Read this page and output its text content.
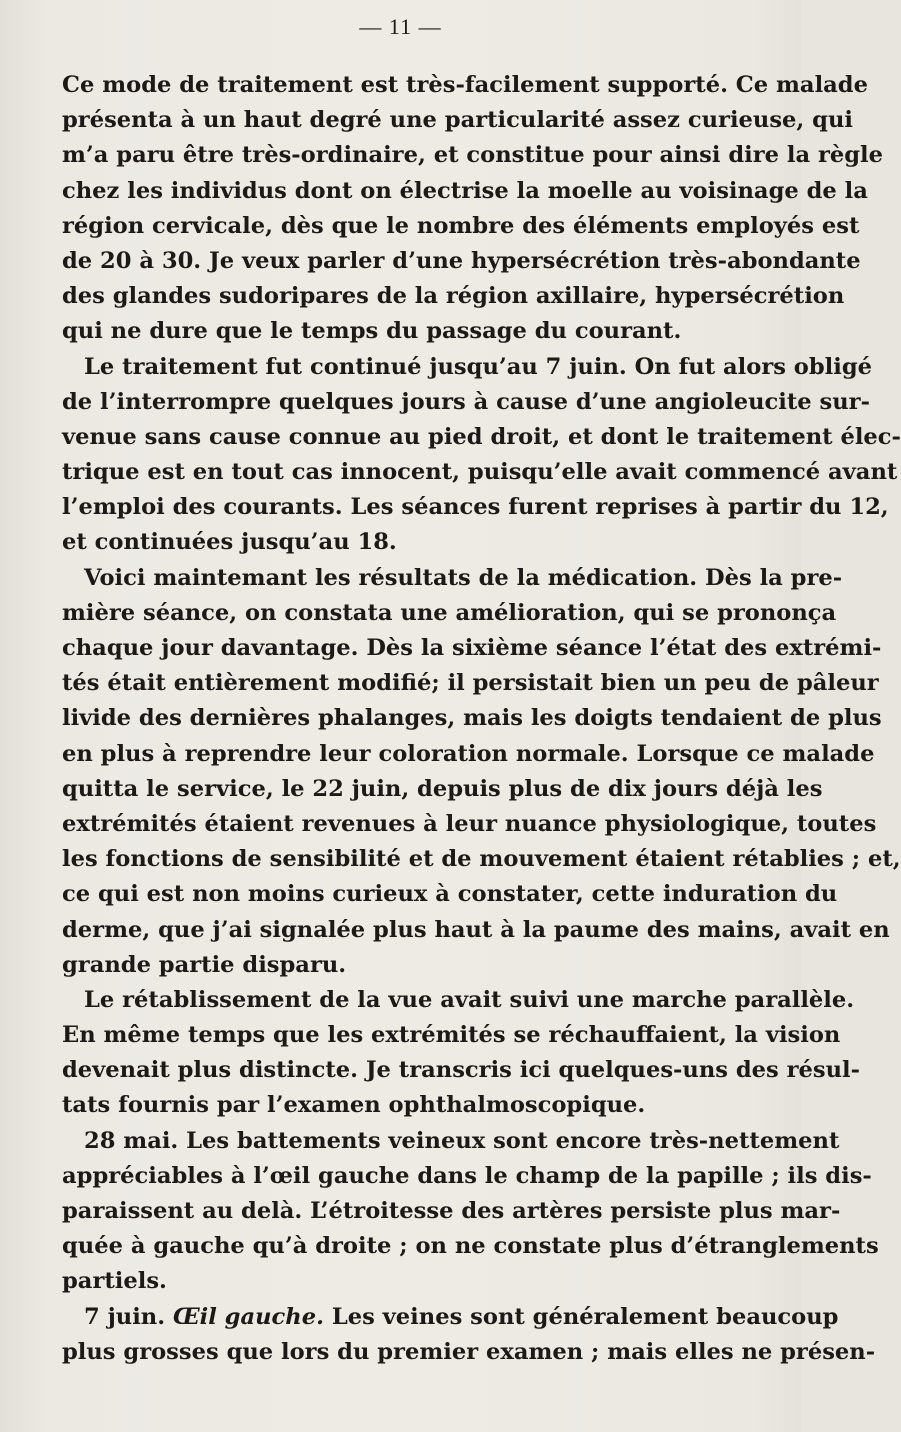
— 11 —
Ce mode de traitement est très-facilement supporté. Ce malade
présenta à un haut degré une particularité assez curieuse, qui
m’a paru être très-ordinaire, et constitue pour ainsi dire la règle
chez les individus dont on électrise la moelle au voisinage de la
région cervicale, dès que le nombre des éléments employés est
de 20 à 30. Je veux parler d’une hypersécrétion très-abondante
des glandes sudoripares de la région axillaire, hypersécrétion
qui ne dure que le temps du passage du courant.
Le traitement fut continué jusqu’au 7 juin. On fut alors obligé
de l’interrompre quelques jours à cause d’une angioleucite sur-
venue sans cause connue au pied droit, et dont le traitement élec-
trique est en tout cas innocent, puisqu’elle avait commencé avant
l’emploi des courants. Les séances furent reprises à partir du 12,
et continuées jusqu’au 18.
Voici maintemant les résultats de la médication. Dès la pre-
mière séance, on constata une amélioration, qui se prononça
chaque jour davantage. Dès la sixième séance l’état des extrémi-
tés était entièrement modifié; il persistait bien un peu de pâleur
livide des dernières phalanges, mais les doigts tendaient de plus
en plus à reprendre leur coloration normale. Lorsque ce malade
quitta le service, le 22 juin, depuis plus de dix jours déjà les
extrémités étaient revenues à leur nuance physiologique, toutes
les fonctions de sensibilité et de mouvement étaient rétablies ; et,
ce qui est non moins curieux à constater, cette induration du
derme, que j’ai signalée plus haut à la paume des mains, avait en
grande partie disparu.
Le rétablissement de la vue avait suivi une marche parallèle.
En même temps que les extrémités se réchauffaient, la vision
devenait plus distincte. Je transcris ici quelques-uns des résul-
tats fournis par l’examen ophthalmoscopique.
28 mai. Les battements veineux sont encore très-nettement
appréciables à l’œil gauche dans le champ de la papille ; ils dis-
paraissent au delà. L’étroitesse des artères persiste plus mar-
quée à gauche qu’à droite ; on ne constate plus d’étranglements
partiels.
7 juin. Œil gauche. Les veines sont généralement beaucoup
plus grosses que lors du premier examen ; mais elles ne présen-
